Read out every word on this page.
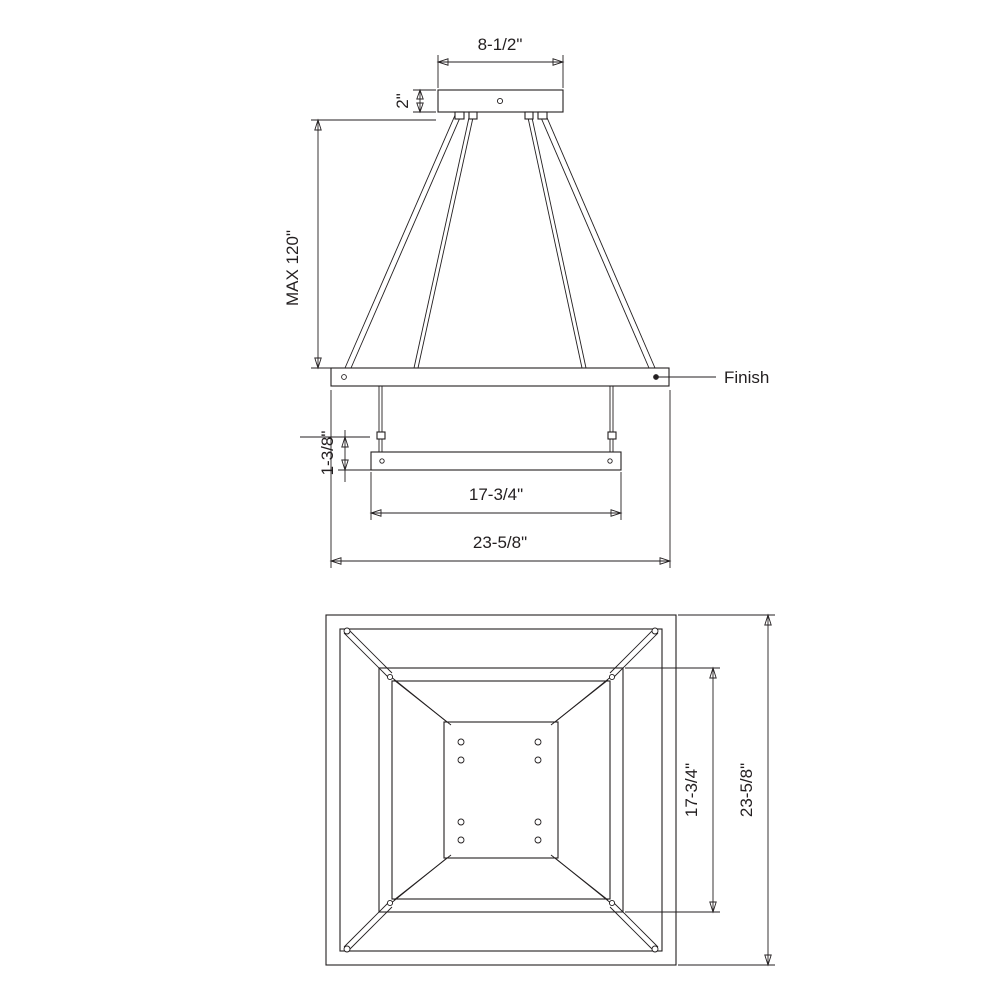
8-1/2"
2"
MAX 120"
1-3/8"
17-3/4"
23-5/8"
Finish
17-3/4" 23-5/8"
